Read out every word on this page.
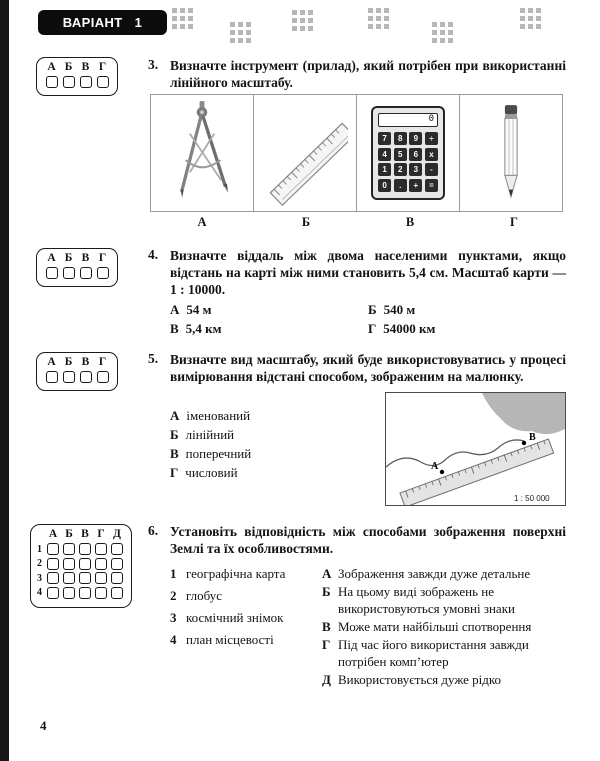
ВАРІАНТ 1
А Б В Г	3. Визначте інструмент (прилад), який потрібен при використанні лінійного масштабу.
0
7	8	9	÷
4	5	6	x
1	2	3	-
0	.	+	=
А	Б	В	Г
А Б В Г	4. Визначте віддаль між двома населеними пунктами, якщо відстань на карті між ними становить 5,4 см. Масштаб карти — 1 : 10000.
А 54 м	Б 540 м
В 5,4 км	Г 54000 км
А Б В Г	5. Визначте вид масштабу, який буде використовуватись у процесі вимірювання відстані способом, зображеним на малюнку.
А іменований
Б лінійний
В поперечний
Г числовий	А
В
1 : 50 000
А Б В Г Д
1
2
3
4
6. Установіть відповідність між способами зображення поверхні Землі та їх особливостями.
1 географічна карта
2 глобус
3 космічний знімок
4 план місцевості
А Зображення завжди дуже детальне
Б На цьому виді зображень не використовуються умовні знаки
В Може мати найбільші спотворення
Г Під час його використання завжди потрібен комп’ютер
Д Використовується дуже рідко
4
